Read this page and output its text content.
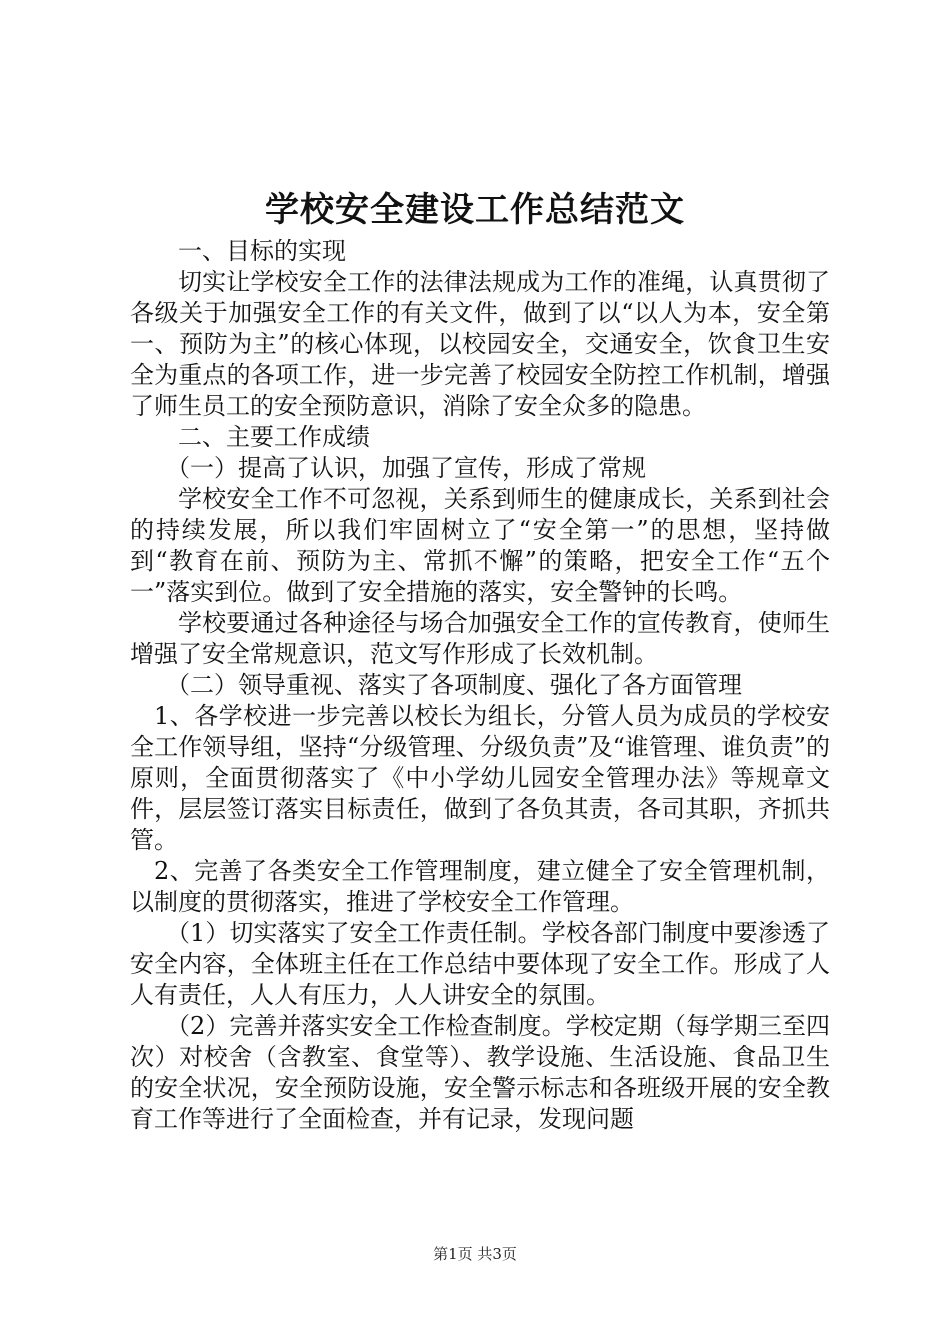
学校安全建设工作总结范文

一、目标的实现

切实让学校安全工作的法律法规成为工作的准绳，认真贯彻了各级关于加强安全工作的有关文件，做到了以“以人为本，安全第一、预防为主”的核心体现，以校园安全，交通安全，饮食卫生安全为重点的各项工作，进一步完善了校园安全防控工作机制，增强了师生员工的安全预防意识，消除了安全众多的隐患。

二、主要工作成绩

（一）提高了认识，加强了宣传，形成了常规

学校安全工作不可忽视，关系到师生的健康成长，关系到社会的持续发展，所以我们牢固树立了“安全第一”的思想，坚持做到“教育在前、预防为主、常抓不懈”的策略，把安全工作“五个一”落实到位。做到了安全措施的落实，安全警钟的长鸣。

学校要通过各种途径与场合加强安全工作的宣传教育，使师生增强了安全常规意识，范文写作形成了长效机制。

（二）领导重视、落实了各项制度、强化了各方面管理

1、各学校进一步完善以校长为组长，分管人员为成员的学校安全工作领导组，坚持“分级管理、分级负责”及“谁管理、谁负责”的原则，全面贯彻落实了《中小学幼儿园安全管理办法》等规章文件，层层签订落实目标责任，做到了各负其责，各司其职，齐抓共管。

2、完善了各类安全工作管理制度，建立健全了安全管理机制，以制度的贯彻落实，推进了学校安全工作管理。

（1）切实落实了安全工作责任制。学校各部门制度中要渗透了安全内容，全体班主任在工作总结中要体现了安全工作。形成了人人有责任，人人有压力，人人讲安全的氛围。

（2）完善并落实安全工作检查制度。学校定期（每学期三至四次）对校舍（含教室、食堂等）、教学设施、生活设施、食品卫生的安全状况，安全预防设施，安全警示标志和各班级开展的安全教育工作等进行了全面检查，并有记录，发现问题

第1页 共3页
